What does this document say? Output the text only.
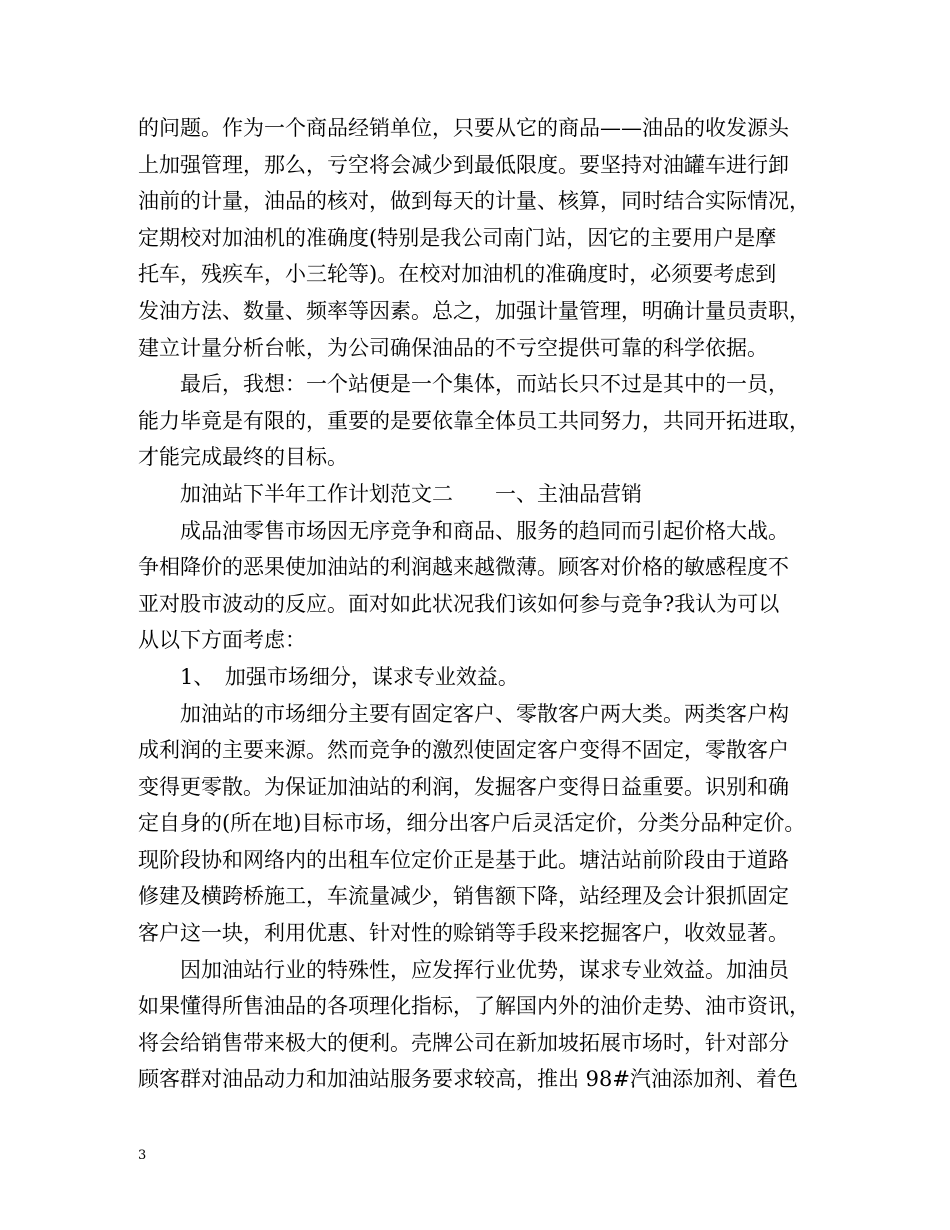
的问题。作为一个商品经销单位，只要从它的商品——油品的收发源头
上加强管理，那么，亏空将会减少到最低限度。要坚持对油罐车进行卸
油前的计量，油品的核对，做到每天的计量、核算，同时结合实际情况，
定期校对加油机的准确度(特别是我公司南门站，因它的主要用户是摩
托车，残疾车，小三轮等)。在校对加油机的准确度时，必须要考虑到
发油方法、数量、频率等因素。总之，加强计量管理，明确计量员责职，
建立计量分析台帐，为公司确保油品的不亏空提供可靠的科学依据。
最后，我想：一个站便是一个集体，而站长只不过是其中的一员，
能力毕竟是有限的，重要的是要依靠全体员工共同努力，共同开拓进取，
才能完成最终的目标。
加油站下半年工作计划范文二　　一、主油品营销
成品油零售市场因无序竞争和商品、服务的趋同而引起价格大战。
争相降价的恶果使加油站的利润越来越微薄。顾客对价格的敏感程度不
亚对股市波动的反应。面对如此状况我们该如何参与竞争?我认为可以
从以下方面考虑：
1、　加强市场细分，谋求专业效益。
加油站的市场细分主要有固定客户、零散客户两大类。两类客户构
成利润的主要来源。然而竞争的激烈使固定客户变得不固定，零散客户
变得更零散。为保证加油站的利润，发掘客户变得日益重要。识别和确
定自身的(所在地)目标市场，细分出客户后灵活定价，分类分品种定价。
现阶段协和网络内的出租车位定价正是基于此。塘沽站前阶段由于道路
修建及横跨桥施工，车流量减少，销售额下降，站经理及会计狠抓固定
客户这一块，利用优惠、针对性的赊销等手段来挖掘客户，收效显著。
因加油站行业的特殊性，应发挥行业优势，谋求专业效益。加油员
如果懂得所售油品的各项理化指标，了解国内外的油价走势、油市资讯，
将会给销售带来极大的便利。壳牌公司在新加坡拓展市场时，针对部分
顾客群对油品动力和加油站服务要求较高，推出 98#汽油添加剂、着色
3
